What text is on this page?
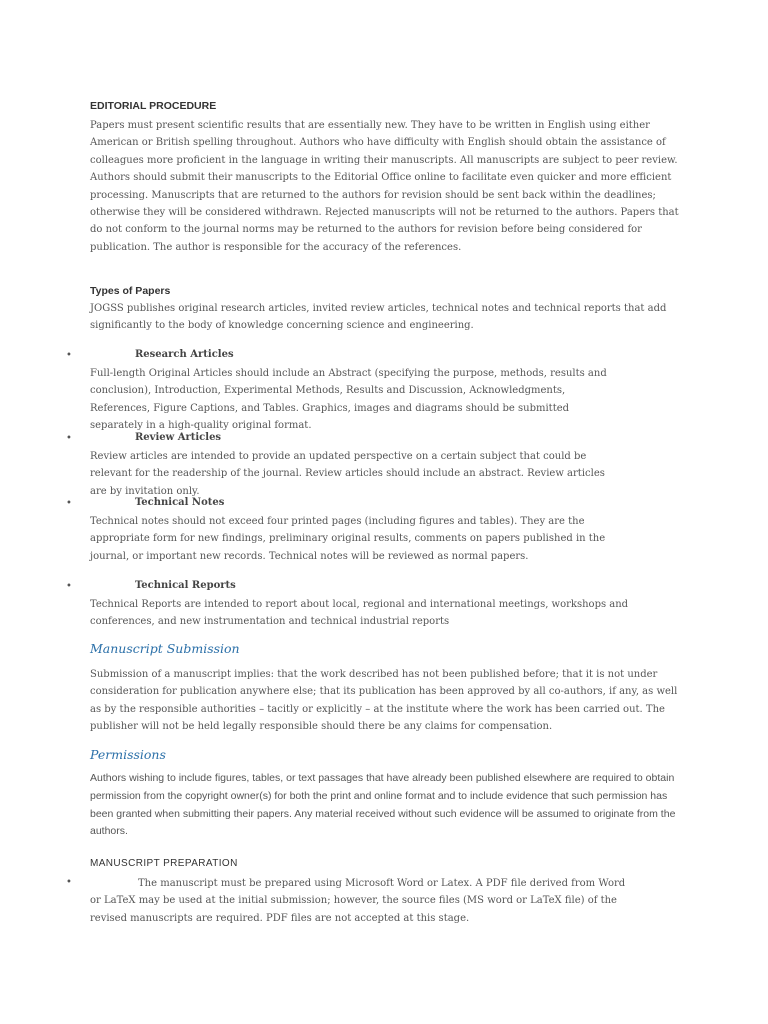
EDITORIAL PROCEDURE

Papers must present scientific results that are essentially new. They have to be written in English using either American or British spelling throughout. Authors who have difficulty with English should obtain the assistance of colleagues more proficient in the language in writing their manuscripts. All manuscripts are subject to peer review. Authors should submit their manuscripts to the Editorial Office online to facilitate even quicker and more efficient processing. Manuscripts that are returned to the authors for revision should be sent back within the deadlines; otherwise they will be considered withdrawn. Rejected manuscripts will not be returned to the authors. Papers that do not conform to the journal norms may be returned to the authors for revision before being considered for publication. The author is responsible for the accuracy of the references.

Types of Papers

JOGSS publishes original research articles, invited review articles, technical notes and technical reports that add significantly to the body of knowledge concerning science and engineering.

•	Research Articles

Full-length Original Articles should include an Abstract (specifying the purpose, methods, results and conclusion), Introduction, Experimental Methods, Results and Discussion, Acknowledgments, References, Figure Captions, and Tables. Graphics, images and diagrams should be submitted separately in a high-quality original format.

•	Review Articles

Review articles are intended to provide an updated perspective on a certain subject that could be relevant for the readership of the journal. Review articles should include an abstract. Review articles are by invitation only.

•	Technical Notes

Technical notes should not exceed four printed pages (including figures and tables). They are the appropriate form for new findings, preliminary original results, comments on papers published in the journal, or important new records. Technical notes will be reviewed as normal papers.

•	Technical Reports

Technical Reports are intended to report about local, regional and international meetings, workshops and conferences, and new instrumentation and technical industrial reports

Manuscript Submission

Submission of a manuscript implies: that the work described has not been published before; that it is not under consideration for publication anywhere else; that its publication has been approved by all co-authors, if any, as well as by the responsible authorities – tacitly or explicitly – at the institute where the work has been carried out. The publisher will not be held legally responsible should there be any claims for compensation.

Permissions

Authors wishing to include figures, tables, or text passages that have already been published elsewhere are required to obtain permission from the copyright owner(s) for both the print and online format and to include evidence that such permission has been granted when submitting their papers. Any material received without such evidence will be assumed to originate from the authors.

MANUSCRIPT PREPARATION
•	The manuscript must be prepared using Microsoft Word or Latex. A PDF file derived from Word or LaTeX may be used at the initial submission; however, the source files (MS word or LaTeX file) of the revised manuscripts are required. PDF files are not accepted at this stage.
